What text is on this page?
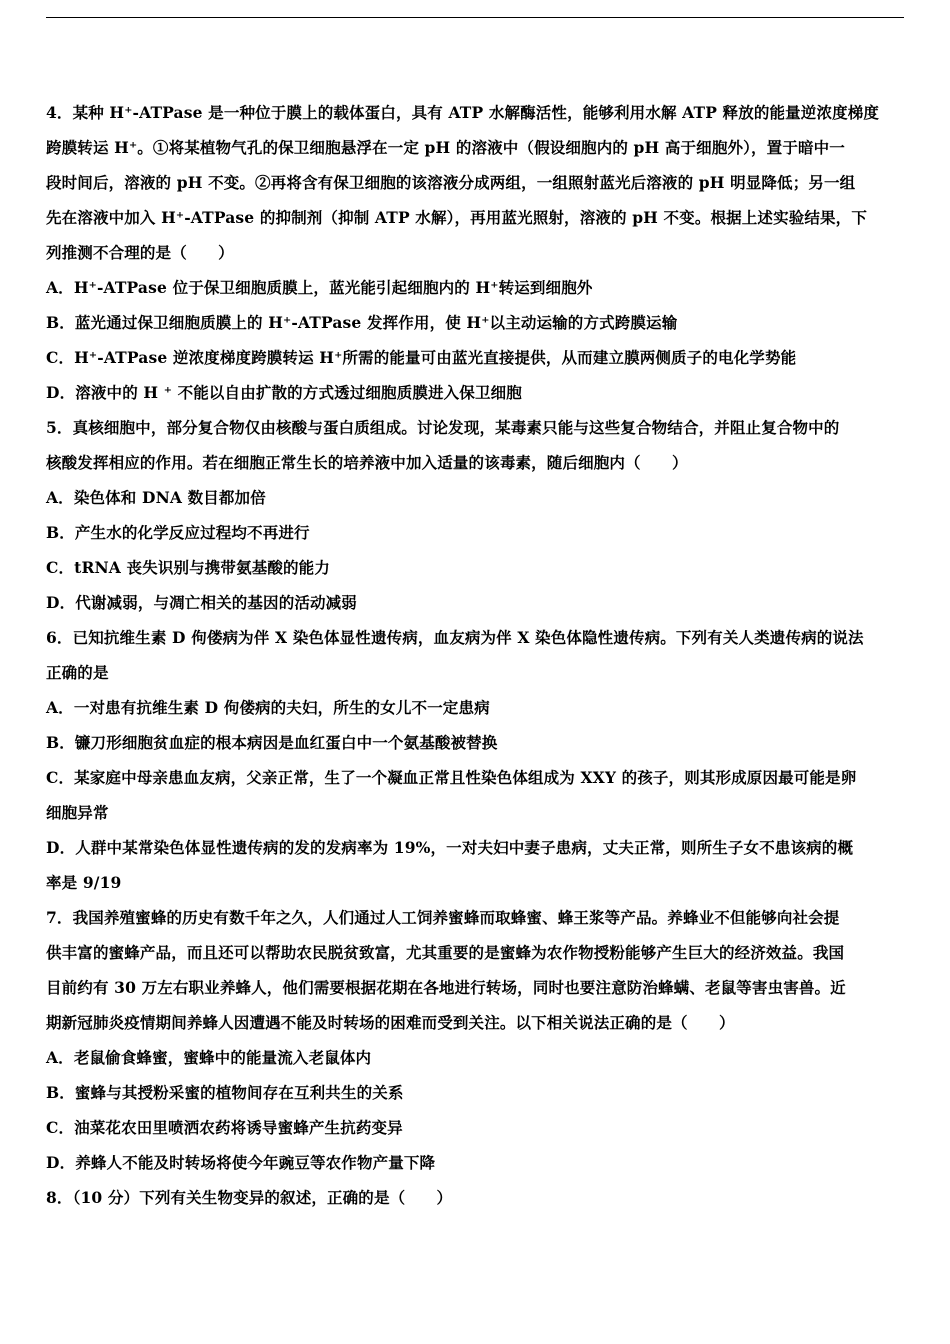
4．某种 H⁺-ATPase 是一种位于膜上的载体蛋白，具有 ATP 水解酶活性，能够利用水解 ATP 释放的能量逆浓度梯度
跨膜转运 H⁺。①将某植物气孔的保卫细胞悬浮在一定 pH 的溶液中（假设细胞内的 pH 高于细胞外），置于暗中一
段时间后，溶液的 pH 不变。②再将含有保卫细胞的该溶液分成两组，一组照射蓝光后溶液的 pH 明显降低；另一组
先在溶液中加入 H⁺-ATPase 的抑制剂（抑制 ATP 水解），再用蓝光照射，溶液的 pH 不变。根据上述实验结果，下
列推测不合理的是（　　）
A．H⁺-ATPase 位于保卫细胞质膜上，蓝光能引起细胞内的 H⁺转运到细胞外
B．蓝光通过保卫细胞质膜上的 H⁺-ATPase 发挥作用，使 H⁺以主动运输的方式跨膜运输
C．H⁺-ATPase 逆浓度梯度跨膜转运 H⁺所需的能量可由蓝光直接提供，从而建立膜两侧质子的电化学势能
D．溶液中的 H ⁺ 不能以自由扩散的方式透过细胞质膜进入保卫细胞
5．真核细胞中，部分复合物仅由核酸与蛋白质组成。讨论发现，某毒素只能与这些复合物结合，并阻止复合物中的
核酸发挥相应的作用。若在细胞正常生长的培养液中加入适量的该毒素，随后细胞内（　　）
A．染色体和 DNA 数目都加倍
B．产生水的化学反应过程均不再进行
C．tRNA 丧失识别与携带氨基酸的能力
D．代谢减弱，与凋亡相关的基因的活动减弱
6．已知抗维生素 D 佝偻病为伴 X 染色体显性遗传病，血友病为伴 X 染色体隐性遗传病。下列有关人类遗传病的说法
正确的是
A．一对患有抗维生素 D 佝偻病的夫妇，所生的女儿不一定患病
B．镰刀形细胞贫血症的根本病因是血红蛋白中一个氨基酸被替换
C．某家庭中母亲患血友病，父亲正常，生了一个凝血正常且性染色体组成为 XXY 的孩子，则其形成原因最可能是卵
细胞异常
D．人群中某常染色体显性遗传病的发的发病率为 19%，一对夫妇中妻子患病，丈夫正常，则所生子女不患该病的概
率是 9/19
7．我国养殖蜜蜂的历史有数千年之久，人们通过人工饲养蜜蜂而取蜂蜜、蜂王浆等产品。养蜂业不但能够向社会提
供丰富的蜜蜂产品，而且还可以帮助农民脱贫致富，尤其重要的是蜜蜂为农作物授粉能够产生巨大的经济效益。我国
目前约有 30 万左右职业养蜂人，他们需要根据花期在各地进行转场，同时也要注意防治蜂螨、老鼠等害虫害兽。近
期新冠肺炎疫情期间养蜂人因遭遇不能及时转场的困难而受到关注。以下相关说法正确的是（　　）
A．老鼠偷食蜂蜜，蜜蜂中的能量流入老鼠体内
B．蜜蜂与其授粉采蜜的植物间存在互利共生的关系
C．油菜花农田里喷洒农药将诱导蜜蜂产生抗药变异
D．养蜂人不能及时转场将使今年豌豆等农作物产量下降
8．（10 分）下列有关生物变异的叙述，正确的是（　　）
